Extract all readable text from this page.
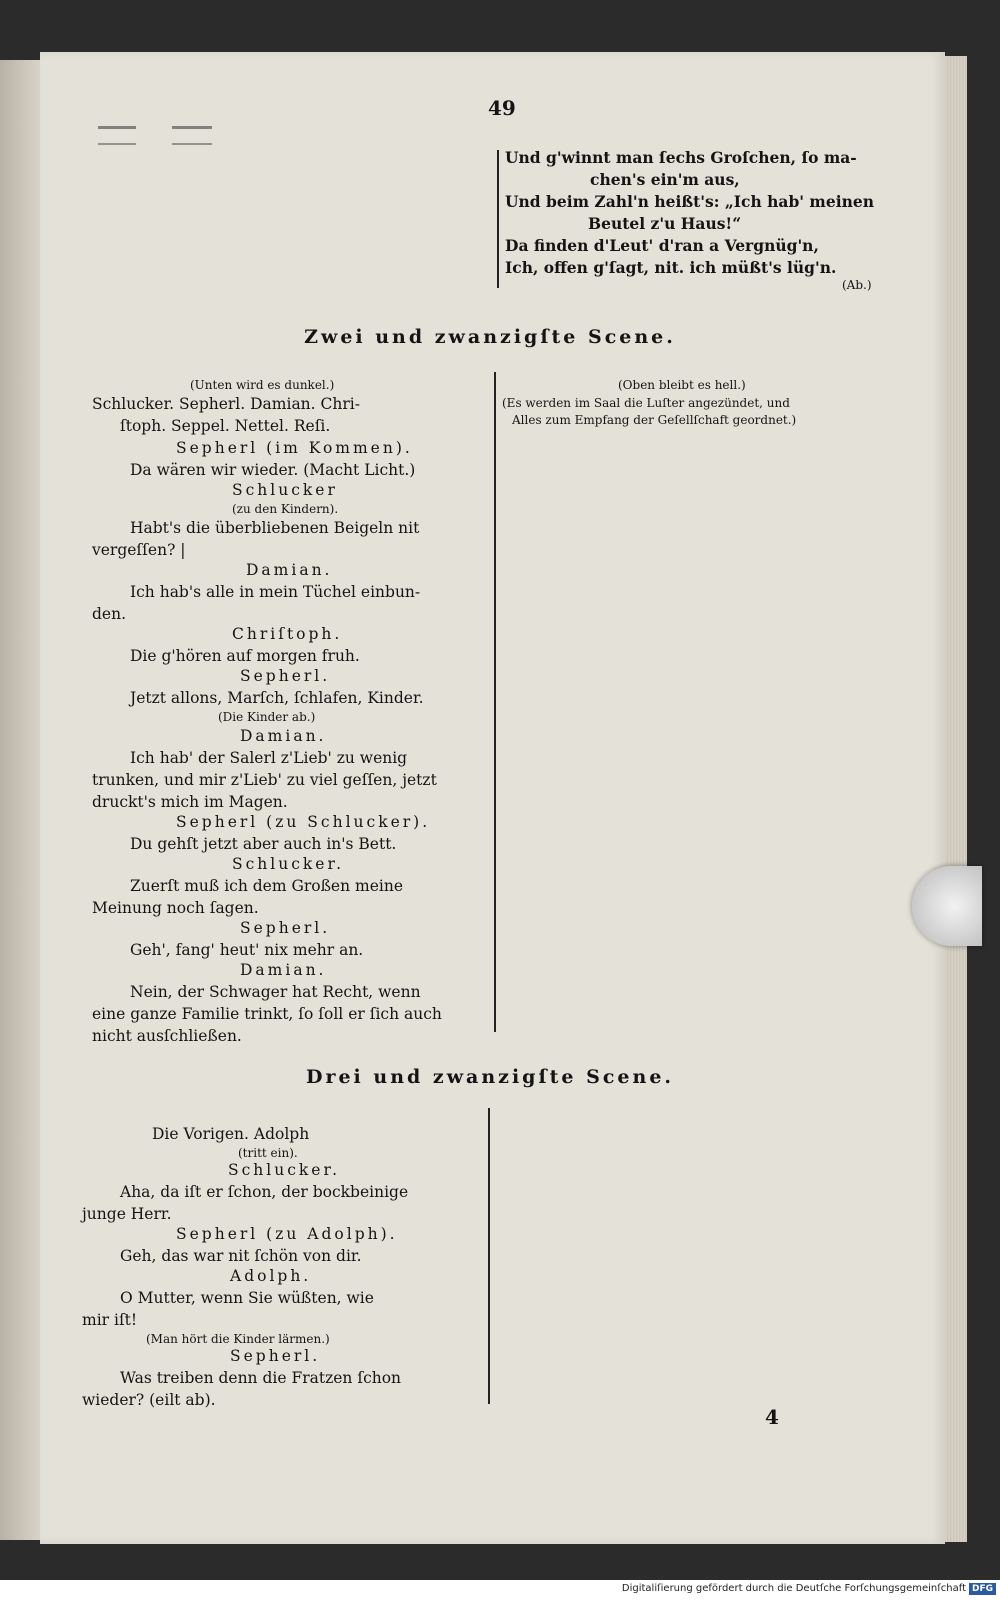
49
Und g'winnt man ſechs Groſchen, ſo ma-
chen's ein'm aus,
Und beim Zahl'n heißt's: „Ich hab' meinen
Beutel z'u Haus!“
Da finden d'Leut' d'ran a Vergnüg'n,
Ich, offen g'ſagt, nit. ich müßt's lüg'n.
(Ab.)
Zwei und zwanzigſte Scene.
(Unten wird es dunkel.)
Schlucker. Sepherl. Damian. Chri-
ſtoph. Seppel. Nettel. Reſi.
Sepherl (im Kommen).
Da wären wir wieder. (Macht Licht.)
Schlucker
(zu den Kindern).
Habt's die überbliebenen Beigeln nit
vergeſſen? |
Damian.
Ich hab's alle in mein Tüchel einbun-
den.
Chriſtoph.
Die g'hören auf morgen fruh.
Sepherl.
Jetzt allons, Marſch, ſchlafen, Kinder.
(Die Kinder ab.)
Damian.
Ich hab' der Salerl z'Lieb' zu wenig
trunken, und mir z'Lieb' zu viel geſſen, jetzt
druckt's mich im Magen.
Sepherl (zu Schlucker).
Du gehſt jetzt aber auch in's Bett.
Schlucker.
Zuerſt muß ich dem Großen meine
Meinung noch ſagen.
Sepherl.
Geh', fang' heut' nix mehr an.
Damian.
Nein, der Schwager hat Recht, wenn
eine ganze Familie trinkt, ſo ſoll er ſich auch
nicht ausſchließen.
(Oben bleibt es hell.)
(Es werden im Saal die Luſter angezündet, und
Alles zum Empfang der Geſellſchaft geordnet.)
Drei und zwanzigſte Scene.
Die Vorigen. Adolph
(tritt ein).
Schlucker.
Aha, da iſt er ſchon, der bockbeinige
junge Herr.
Sepherl (zu Adolph).
Geh, das war nit ſchön von dir.
Adolph.
O Mutter, wenn Sie wüßten, wie
mir iſt!
(Man hört die Kinder lärmen.)
Sepherl.
Was treiben denn die Fratzen ſchon
wieder? (eilt ab).
4
Digitaliſierung gefördert durch die Deutſche Forſchungsgemeinſchaft DFG
